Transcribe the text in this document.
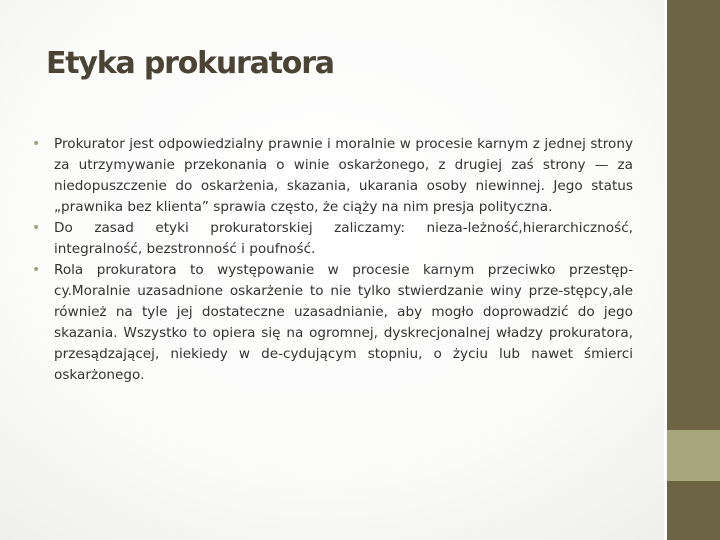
Etyka prokuratora
• Prokurator jest odpowiedzialny prawnie i moralnie w procesie karnym z jednej strony za utrzymywanie przekonania o winie oskarżonego, z drugiej zaś strony — za niedopuszczenie do oskarżenia, skazania, ukarania osoby niewinnej. Jego status „prawnika bez klienta” sprawia często, że ciąży na nim presja polityczna.
• Do zasad etyki prokuratorskiej zaliczamy: nieza-leżność,hierarchiczność, integralność, bezstronność i poufność.
• Rola prokuratora to występowanie w procesie karnym przeciwko przestęp-cy.Moralnie uzasadnione oskarżenie to nie tylko stwierdzanie winy prze-stępcy,ale również na tyle jej dostateczne uzasadnianie, aby mogło doprowadzić do jego skazania. Wszystko to opiera się na ogromnej, dyskrecjonalnej władzy prokuratora, przesądzającej, niekiedy w de-cydującym stopniu, o życiu lub nawet śmierci oskarżonego.
